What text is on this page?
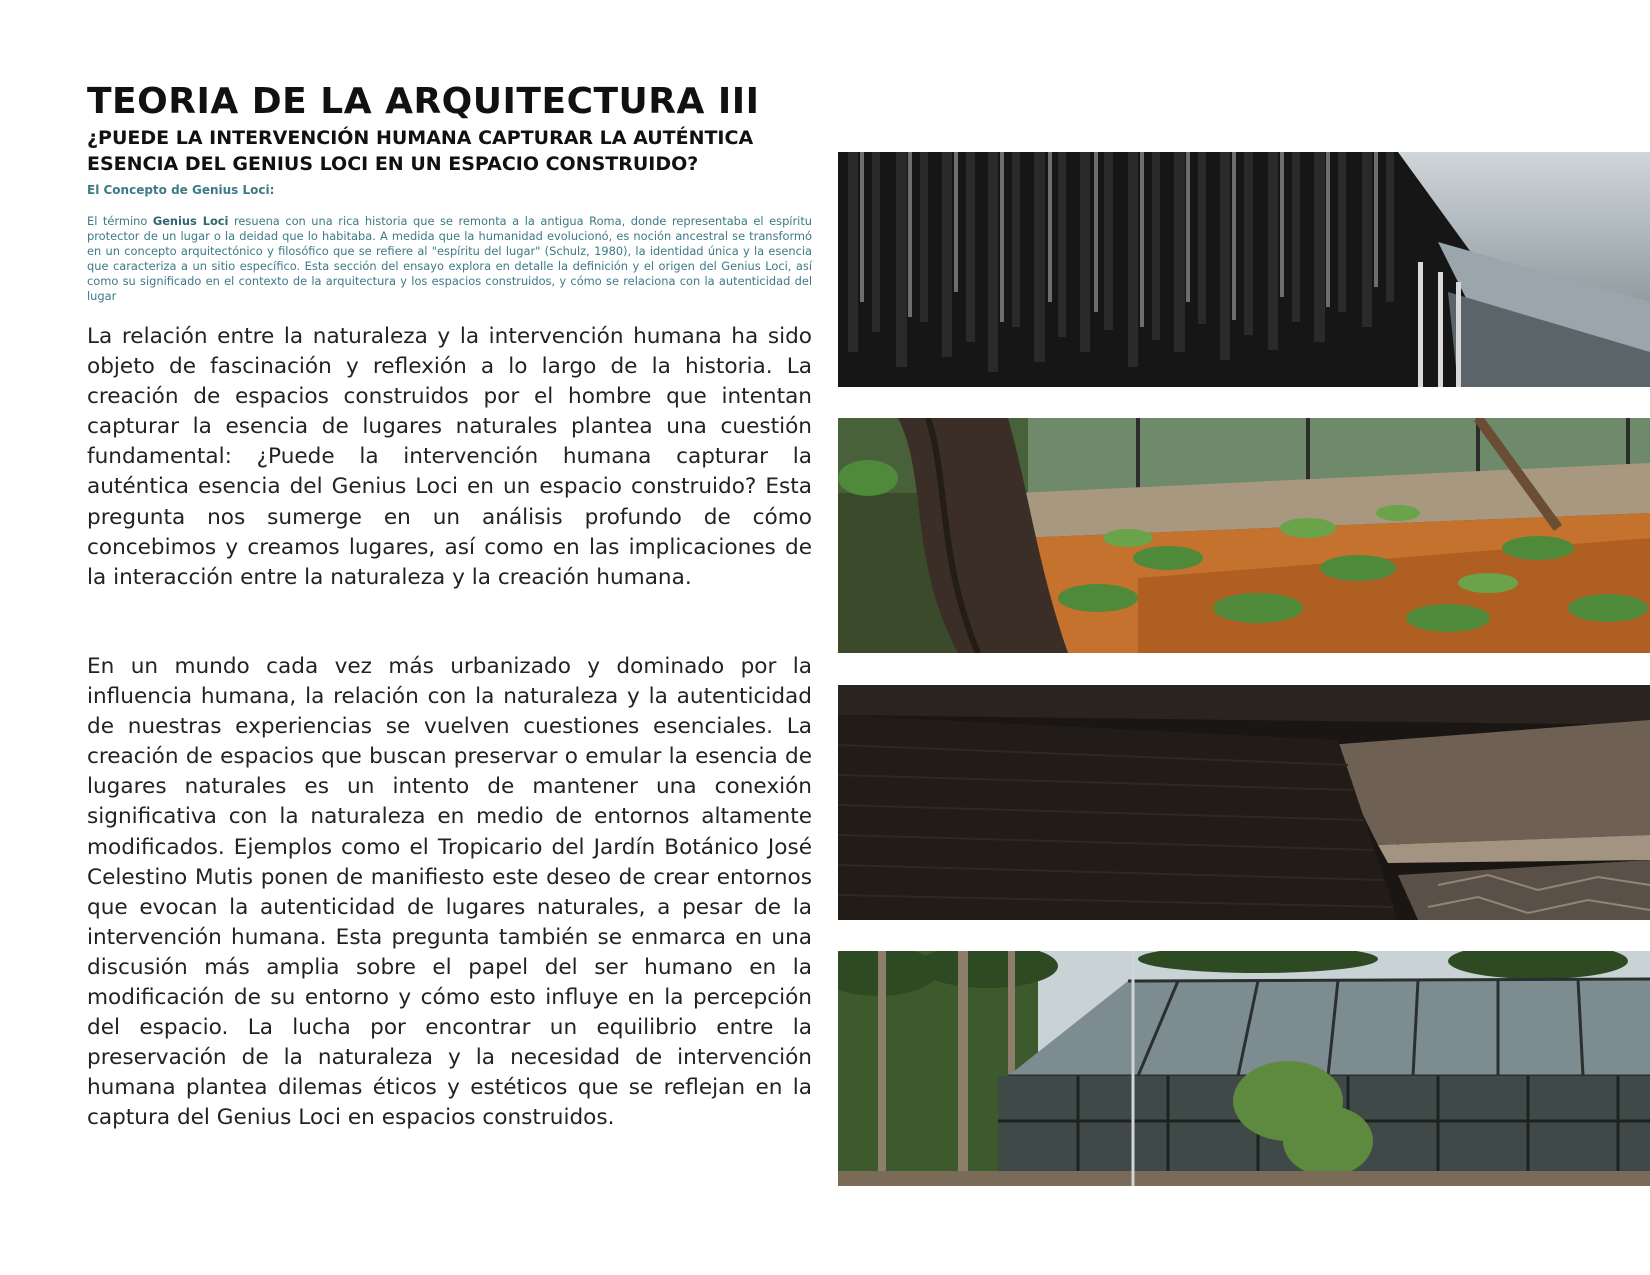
TEORIA DE LA ARQUITECTURA III
¿PUEDE LA INTERVENCIÓN HUMANA CAPTURAR LA AUTÉNTICA ESENCIA DEL GENIUS LOCI EN UN ESPACIO CONSTRUIDO?

El Concepto de Genius Loci:

El término Genius Loci resuena con una rica historia que se remonta a la antigua Roma, donde representaba el espíritu protector de un lugar o la deidad que lo habitaba. A medida que la humanidad evolucionó, es noción ancestral se transformó en un concepto arquitectónico y filosófico que se refiere al "espíritu del lugar" (Schulz, 1980), la identidad única y la esencia que caracteriza a un sitio específico. Esta sección del ensayo explora en detalle la definición y el origen del Genius Loci, así como su significado en el contexto de la arquitectura y los espacios construidos, y cómo se relaciona con la autenticidad del lugar

La relación entre la naturaleza y la intervención humana ha sido objeto de fascinación y reflexión a lo largo de la historia. La creación de espacios construidos por el hombre que intentan capturar la esencia de lugares naturales plantea una cuestión fundamental: ¿Puede la intervención humana capturar la auténtica esencia del Genius Loci en un espacio construido? Esta pregunta nos sumerge en un análisis profundo de cómo concebimos y creamos lugares, así como en las implicaciones de la interacción entre la naturaleza y la creación humana.

En un mundo cada vez más urbanizado y dominado por la influencia humana, la relación con la naturaleza y la autenticidad de nuestras experiencias se vuelven cuestiones esenciales. La creación de espacios que buscan preservar o emular la esencia de lugares naturales es un intento de mantener una conexión significativa con la naturaleza en medio de entornos altamente modificados. Ejemplos como el Tropicario del Jardín Botánico José Celestino Mutis ponen de manifiesto este deseo de crear entornos que evocan la autenticidad de lugares naturales, a pesar de la intervención humana. Esta pregunta también se enmarca en una discusión más amplia sobre el papel del ser humano en la modificación de su entorno y cómo esto influye en la percepción del espacio. La lucha por encontrar un equilibrio entre la preservación de la naturaleza y la necesidad de intervención humana plantea dilemas éticos y estéticos que se reflejan en la captura del Genius Loci en espacios construidos.
